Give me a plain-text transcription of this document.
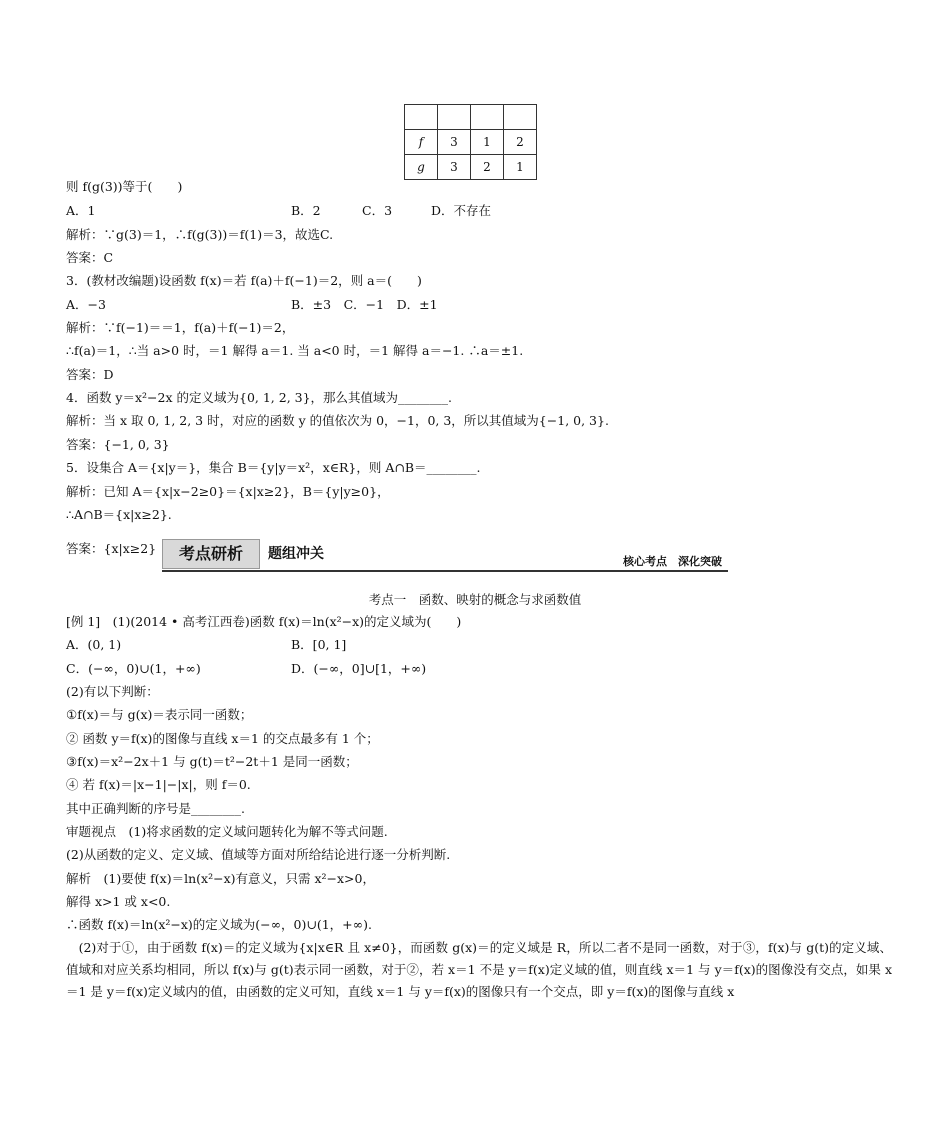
f	3	1	2
g	3	2	1
则 f(g(3))等于(　　)
A．1	B．2	C．3	D．不存在
解析：∵g(3)＝1，∴f(g(3))＝f(1)＝3，故选C.
答案：C
3．(教材改编题)设函数 f(x)＝若 f(a)＋f(−1)＝2，则 a＝(　　)
A．−3	B．±3　C．−1　D．±1
解析：∵f(−1)＝＝1，f(a)＋f(−1)＝2，
∴f(a)＝1，∴当 a>0 时，＝1 解得 a＝1. 当 a<0 时，＝1 解得 a＝−1. ∴a＝±1.
答案：D
4．函数 y＝x²−2x 的定义域为{0, 1, 2, 3}，那么其值域为________.
解析：当 x 取 0, 1, 2, 3 时，对应的函数 y 的值依次为 0，−1，0, 3，所以其值域为{−1, 0, 3}.
答案：{−1, 0, 3}
5．设集合 A＝{x|y＝}，集合 B＝{y|y＝x²，x∈R}，则 A∩B＝________.
解析：已知 A＝{x|x−2≥0}＝{x|x≥2}，B＝{y|y≥0}，
∴A∩B＝{x|x≥2}.
答案：{x|x≥2}	考点研析	题组冲关	核心考点　深化突破
考点一　函数、映射的概念与求函数值
[例 1]　(1)(2014 • 高考江西卷)函数 f(x)＝ln(x²−x)的定义域为(　　)
A．(0, 1)	B．[0, 1]
C．(−∞，0)∪(1，+∞)	D．(−∞，0]∪[1，+∞)
(2)有以下判断：
①f(x)＝与 g(x)＝表示同一函数；
② 函数 y＝f(x)的图像与直线 x＝1 的交点最多有 1 个；
③f(x)＝x²−2x＋1 与 g(t)＝t²−2t＋1 是同一函数；
④ 若 f(x)＝|x−1|−|x|，则 f＝0.
其中正确判断的序号是________.
审题视点　(1)将求函数的定义域问题转化为解不等式问题.
(2)从函数的定义、定义域、值域等方面对所给结论进行逐一分析判断.
解析　(1)要使 f(x)＝ln(x²−x)有意义，只需 x²−x>0，
解得 x>1 或 x<0.
∴函数 f(x)＝ln(x²−x)的定义域为(−∞，0)∪(1，+∞).
　(2)对于①，由于函数 f(x)＝的定义域为{x|x∈R 且 x≠0}，而函数 g(x)＝的定义域是 R，所以二者不是同一函数，对于③，f(x)与 g(t)的定义域、值域和对应关系均相同，所以 f(x)与 g(t)表示同一函数，对于②，若 x＝1 不是 y＝f(x)定义域的值，则直线 x＝1 与 y＝f(x)的图像没有交点，如果 x＝1 是 y＝f(x)定义域内的值，由函数的定义可知，直线 x＝1 与 y＝f(x)的图像只有一个交点，即 y＝f(x)的图像与直线 x
